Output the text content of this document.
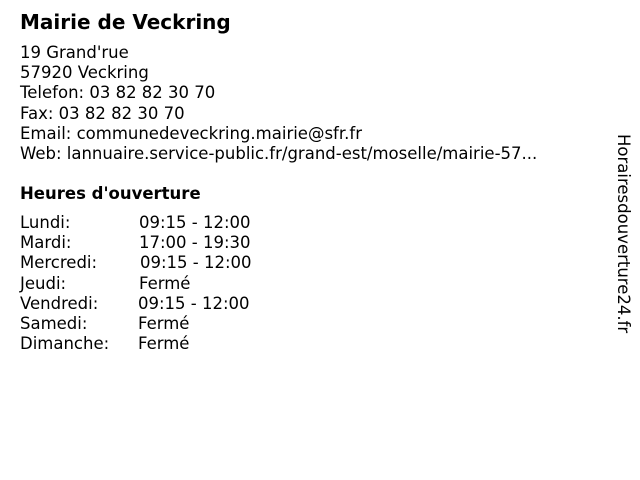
Mairie de Veckring
19 Grand'rue
57920 Veckring
Telefon: 03 82 82 30 70
Fax: 03 82 82 30 70
Email: communedeveckring.mairie@sfr.fr
Web: lannuaire.service-public.fr/grand-est/moselle/mairie-57...
Heures d'ouverture
Lundi:	09:15 - 12:00
Mardi:	17:00 - 19:30
Mercredi:	09:15 - 12:00
Jeudi:	Fermé
Vendredi: 09:15 - 12:00
Samedi:	Fermé
Dimanche: Fermé
Horairesdouverture24.fr
